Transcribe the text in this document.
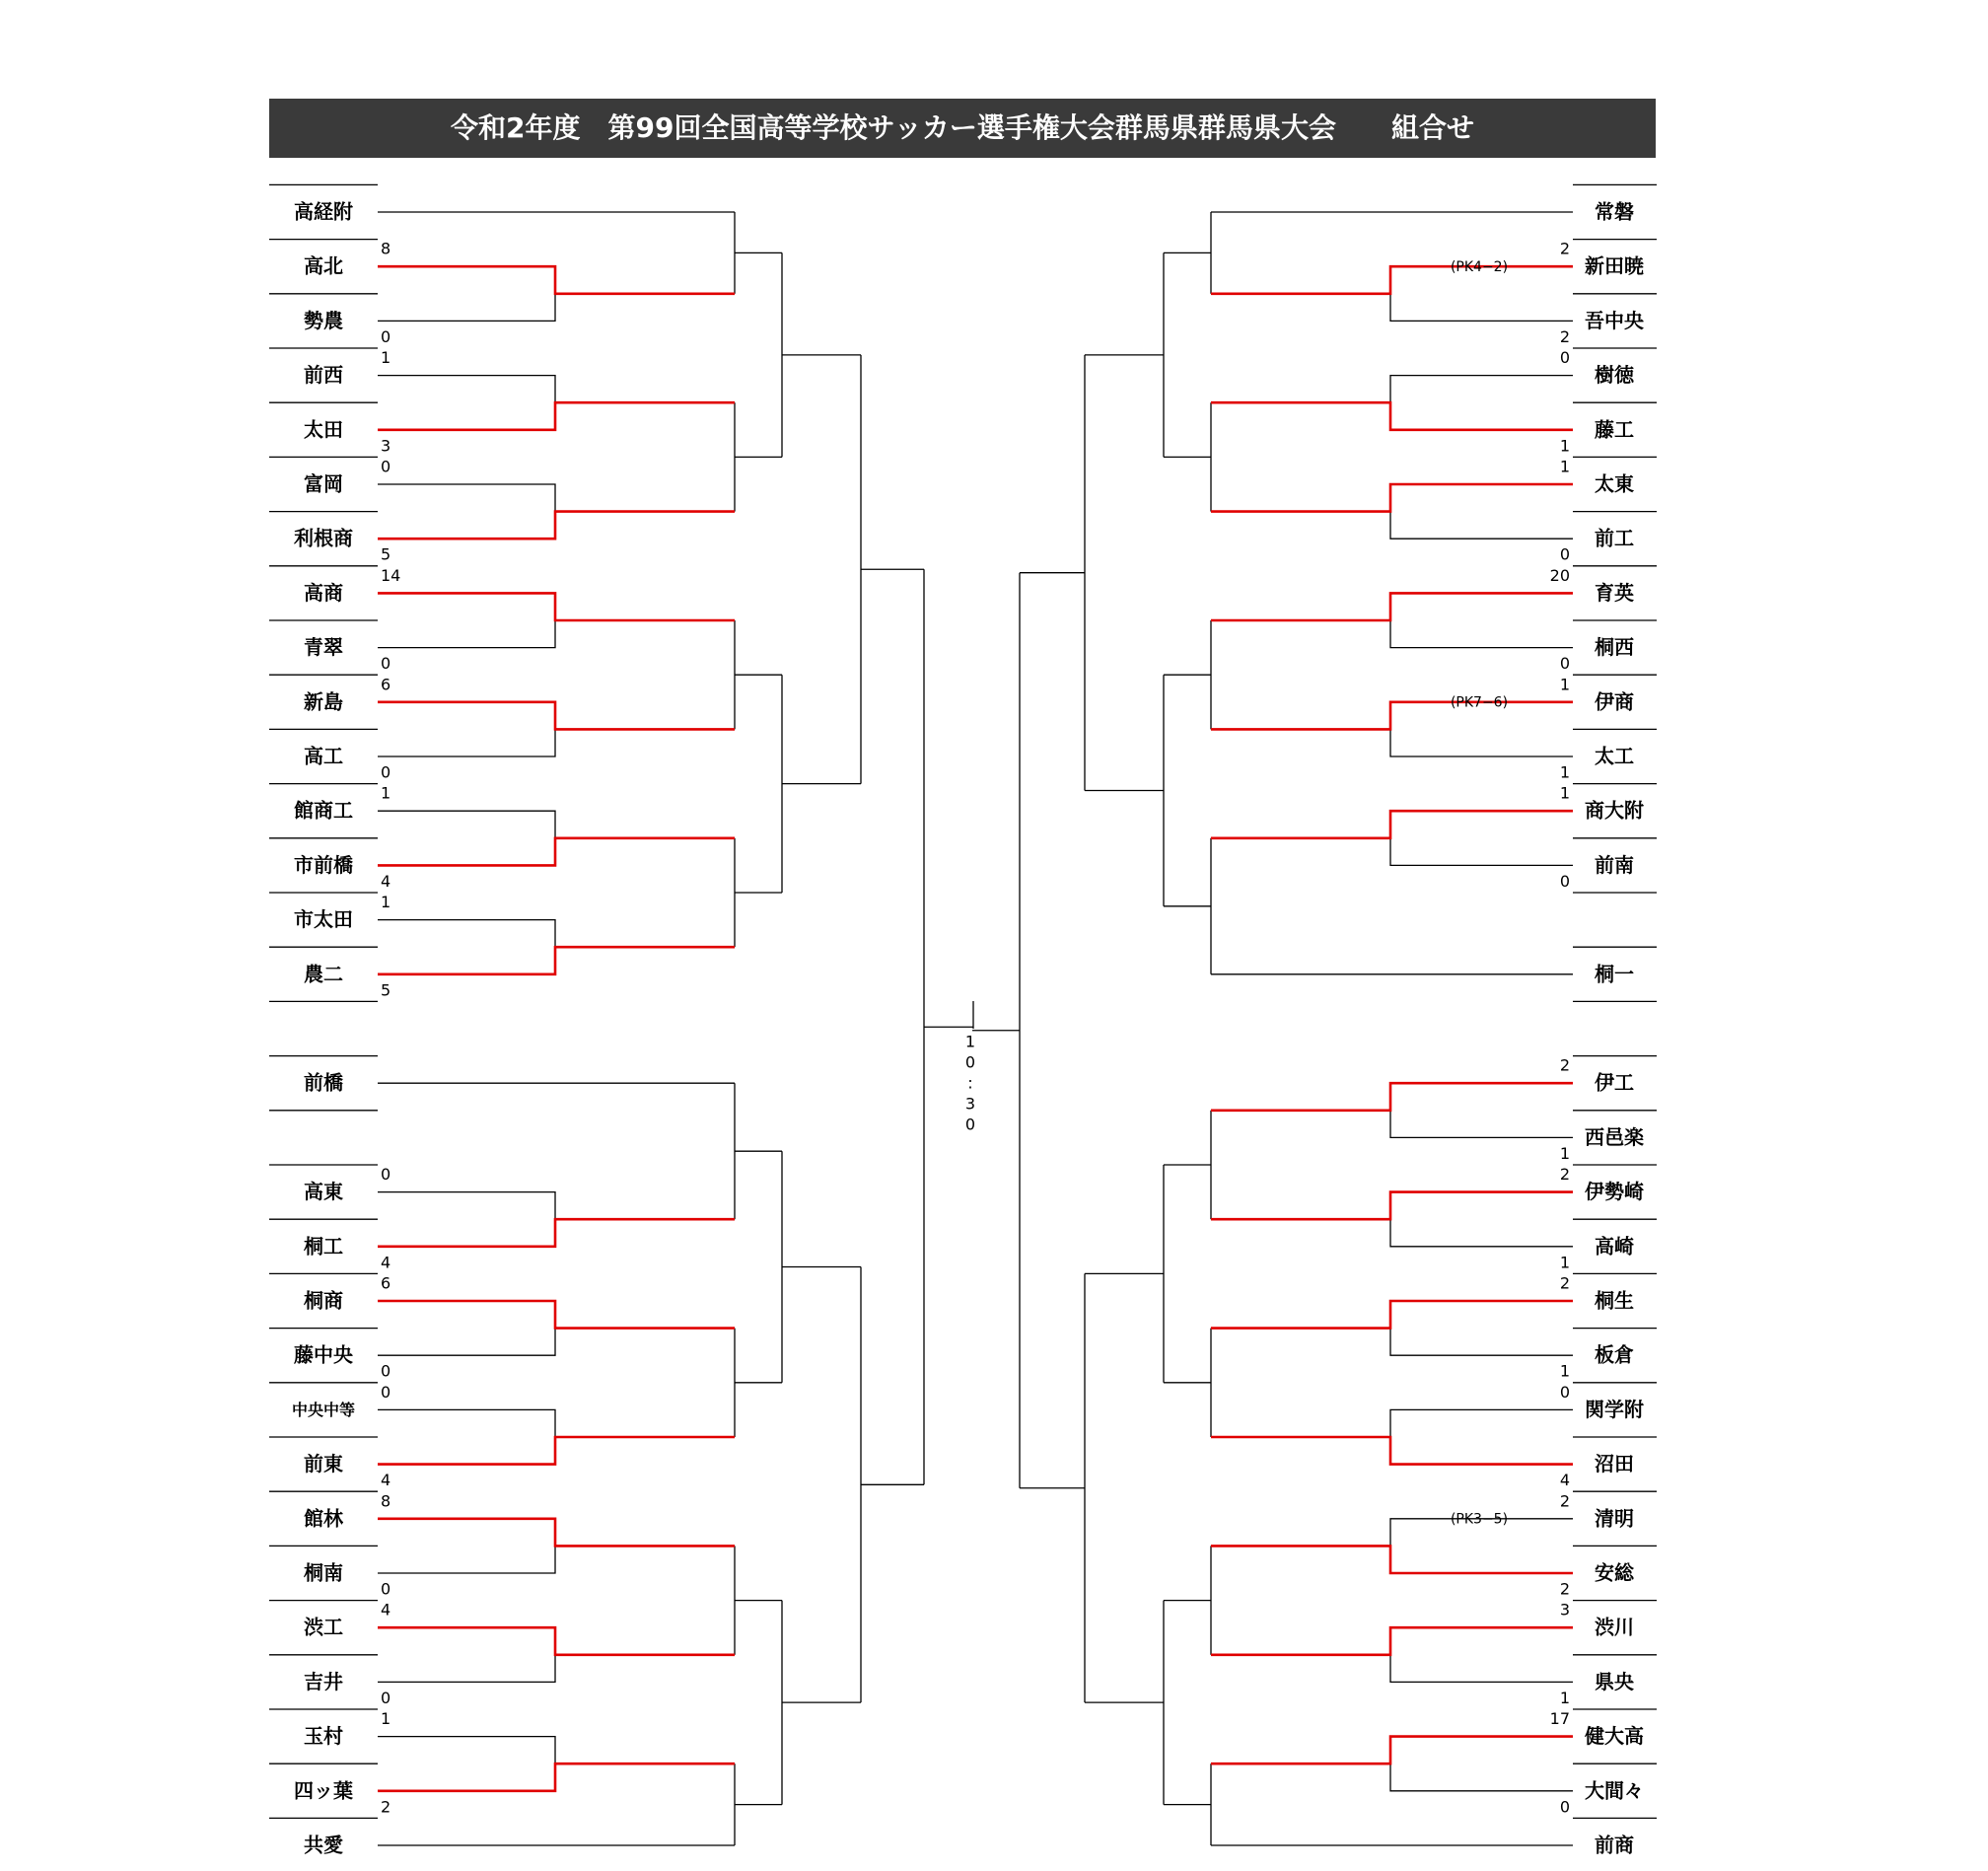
令和2年度　第99回全国高等学校サッカー選手権大会群馬県群馬県大会　　組合せ
高経附
高北
勢農
前西
太田
富岡
利根商
高商
青翠
新島
高工
館商工
市前橋
市太田
農二
前橋
高東
桐工
桐商
藤中央
中央中等
前東
館林
桐南
渋工
吉井
玉村
四ッ葉
共愛
8
0
1
3
0
5
14
0
6
0
1
4
1
5
0
4
6
0
0
4
8
0
4
0
1
2
常磐
新田暁
吾中央
樹徳
藤工
太東
前工
育英
桐西
伊商
太工
商大附
前南
桐一
伊工
西邑楽
伊勢崎
高崎
桐生
板倉
関学附
沼田
清明
安総
渋川
県央
健大高
大間々
前商
2
2
(PK4−2)
0
1
1
0
20
0
1
1
(PK7−6)
1
0
2
1
2
1
2
1
0
4
2
2
(PK3−5)
3
1
17
0
1
0
:
3
0
